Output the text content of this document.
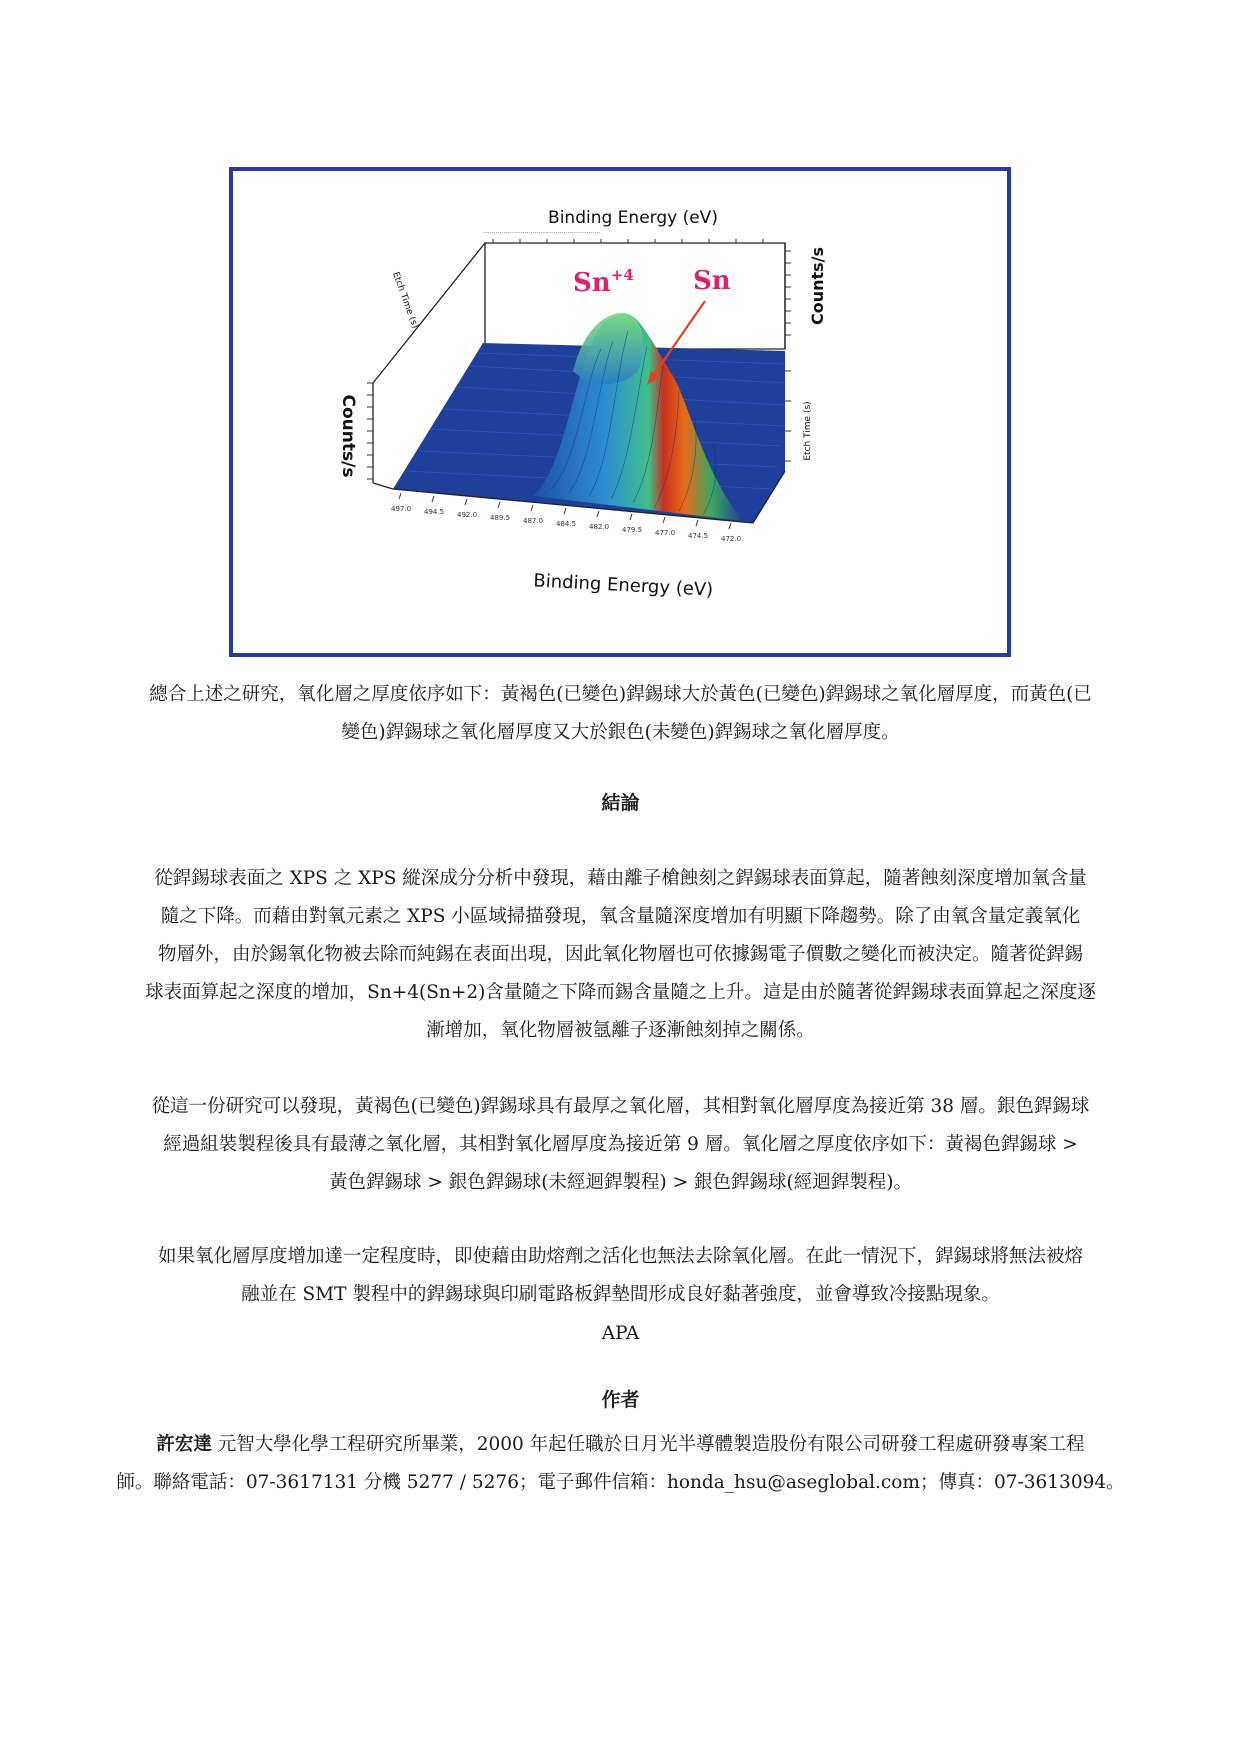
·························································
497.0 494.5 492.0 489.5 487.0 484.5 482.0 479.5 477.0 474.5 472.0
Binding Energy (eV)
Binding Energy (eV)
Counts/s
Counts/s
Etch Time (s)
Etch Time (s)	$Sn^{+4}$ Sn

總合上述之研究，氧化層之厚度依序如下：黃褐色(已變色)銲錫球大於黃色(已變色)銲錫球之氧化層厚度，而黃色(已
變色)銲錫球之氧化層厚度又大於銀色(未變色)銲錫球之氧化層厚度。

結論

從銲錫球表面之 XPS 之 XPS 縱深成分分析中發現，藉由離子槍蝕刻之銲錫球表面算起，隨著蝕刻深度增加氧含量
隨之下降。而藉由對氧元素之 XPS 小區域掃描發現，氧含量隨深度增加有明顯下降趨勢。除了由氧含量定義氧化
物層外，由於錫氧化物被去除而純錫在表面出現，因此氧化物層也可依據錫電子價數之變化而被決定。隨著從銲錫
球表面算起之深度的增加，Sn+4(Sn+2)含量隨之下降而錫含量隨之上升。這是由於隨著從銲錫球表面算起之深度逐
漸增加，氧化物層被氬離子逐漸蝕刻掉之關係。

從這一份研究可以發現，黃褐色(已變色)銲錫球具有最厚之氧化層，其相對氧化層厚度為接近第 38 層。銀色銲錫球
經過組裝製程後具有最薄之氧化層，其相對氧化層厚度為接近第 9 層。氧化層之厚度依序如下：黃褐色銲錫球 >
黃色銲錫球 > 銀色銲錫球(未經迴銲製程) > 銀色銲錫球(經迴銲製程)。

如果氧化層厚度增加達一定程度時，即使藉由助熔劑之活化也無法去除氧化層。在此一情況下，銲錫球將無法被熔
融並在 SMT 製程中的銲錫球與印刷電路板銲墊間形成良好黏著強度，並會導致冷接點現象。

APA

作者

許宏達 元智大學化學工程研究所畢業，2000 年起任職於日月光半導體製造股份有限公司研發工程處研發專案工程
師。聯絡電話：07-3617131 分機 5277 / 5276；電子郵件信箱：honda_hsu@aseglobal.com；傳真：07-3613094。
